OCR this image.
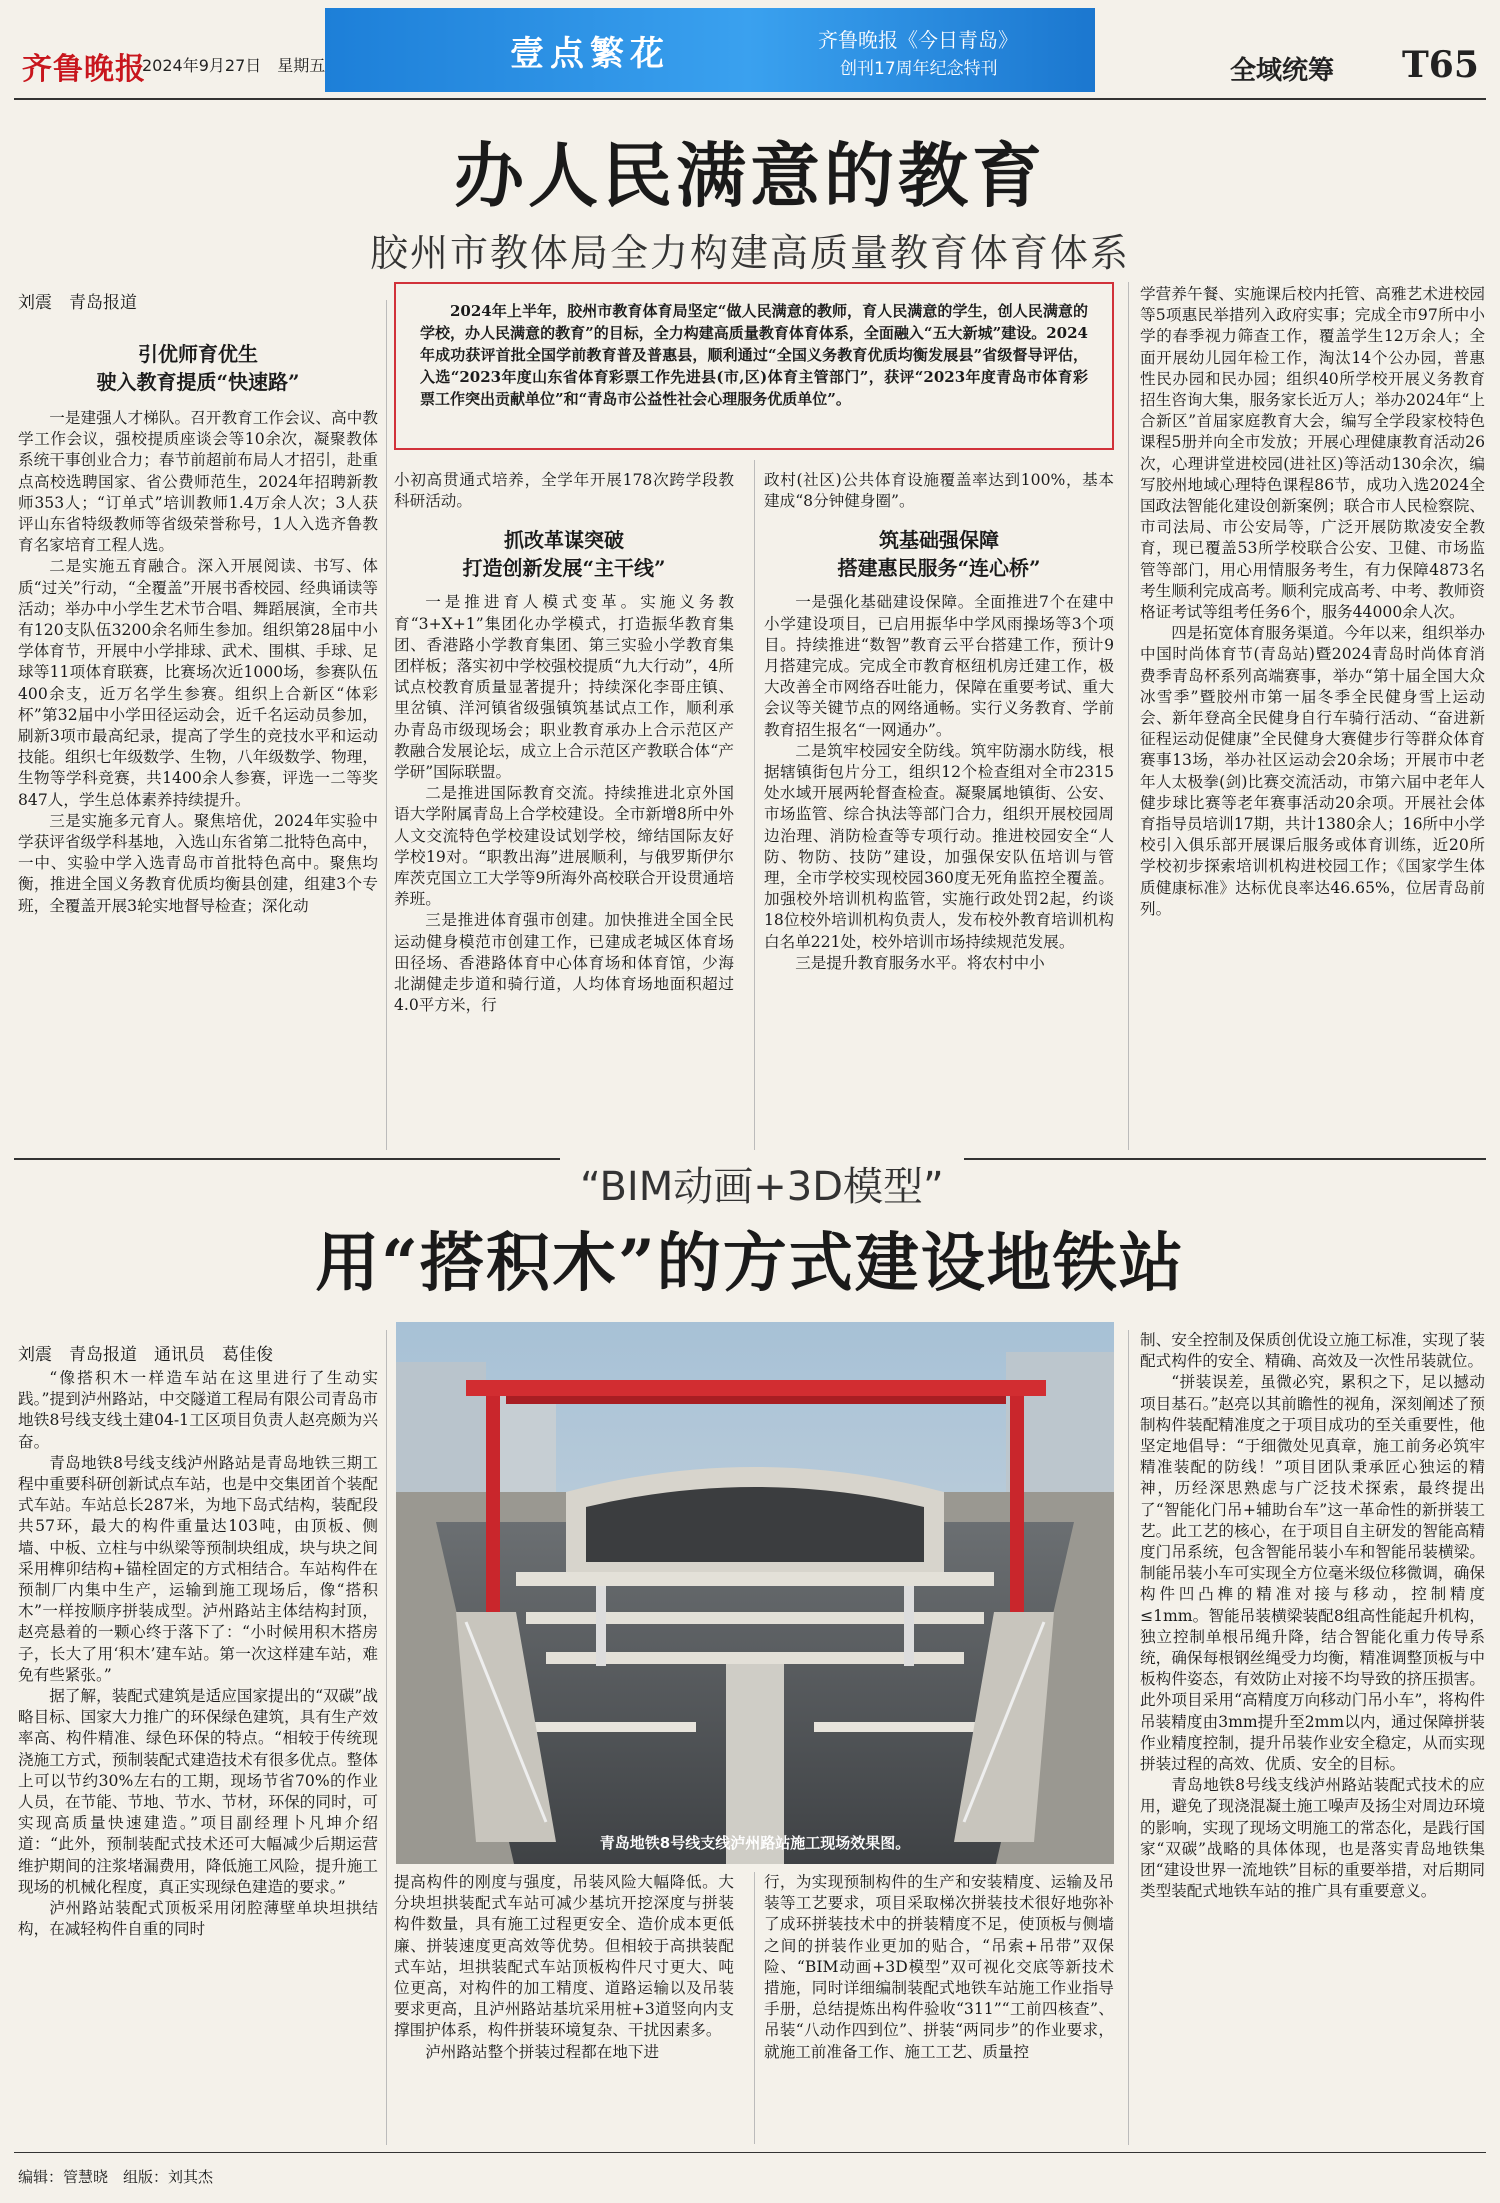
齐鲁晚报
2024年9月27日　星期五	壹点繁花	齐鲁晚报《今日青岛》
创刊17周年纪念特刊	全域统筹 T65
办人民满意的教育
胶州市教体局全力构建高质量教育体育体系
刘震　青岛报道	2024年上半年，胶州市教育体育局坚定“做人民满意的教师，育人民满意的学生，创人民满意的学校，办人民满意的教育”的目标，全力构建高质量教育体育体系，全面融入“五大新城”建设。2024年成功获评首批全国学前教育普及普惠县，顺利通过“全国义务教育优质均衡发展县”省级督导评估，入选“2023年度山东省体育彩票工作先进县(市,区)体育主管部门”，获评“2023年度青岛市体育彩票工作突出贡献单位”和“青岛市公益性社会心理服务优质单位”。

引优师育优生
驶入教育提质“快速路”

一是建强人才梯队。召开教育工作会议、高中教学工作会议，强校提质座谈会等10余次，凝聚教体系统干事创业合力；春节前超前布局人才招引，赴重点高校选聘国家、省公费师范生，2024年招聘新教师353人；“订单式”培训教师1.4万余人次；3人获评山东省特级教师等省级荣誉称号，1人入选齐鲁教育名家培育工程人选。

二是实施五育融合。深入开展阅读、书写、体质“过关”行动，“全覆盖”开展书香校园、经典诵读等活动；举办中小学生艺术节合唱、舞蹈展演，全市共有120支队伍3200余名师生参加。组织第28届中小学体育节，开展中小学排球、武术、围棋、手球、足球等11项体育联赛，比赛场次近1000场，参赛队伍400余支，近万名学生参赛。组织上合新区“体彩杯”第32届中小学田径运动会，近千名运动员参加，刷新3项市最高纪录，提高了学生的竞技水平和运动技能。组织七年级数学、生物，八年级数学、物理，生物等学科竞赛，共1400余人参赛，评选一二等奖847人，学生总体素养持续提升。

三是实施多元育人。聚焦培优，2024年实验中学获评省级学科基地，入选山东省第二批特色高中，一中、实验中学入选青岛市首批特色高中。聚焦均衡，推进全国义务教育优质均衡县创建，组建3个专班，全覆盖开展3轮实地督导检查；深化动

小初高贯通式培养，全学年开展178次跨学段教科研活动。

抓改革谋突破
打造创新发展“主干线”

一是推进育人模式变革。实施义务教育“3+X+1”集团化办学模式，打造振华教育集团、香港路小学教育集团、第三实验小学教育集团样板；落实初中学校强校提质“九大行动”，4所试点校教育质量显著提升；持续深化李哥庄镇、里岔镇、洋河镇省级强镇筑基试点工作，顺利承办青岛市级现场会；职业教育承办上合示范区产教融合发展论坛，成立上合示范区产教联合体“产学研”国际联盟。

二是推进国际教育交流。持续推进北京外国语大学附属青岛上合学校建设。全市新增8所中外人文交流特色学校建设试划学校，缔结国际友好学校19对。“职教出海”进展顺利，与俄罗斯伊尔库茨克国立工大学等9所海外高校联合开设贯通培养班。

三是推进体育强市创建。加快推进全国全民运动健身模范市创建工作，已建成老城区体育场田径场、香港路体育中心体育场和体育馆，少海北湖健走步道和骑行道，人均体育场地面积超过4.0平方米，行

政村(社区)公共体育设施覆盖率达到100%，基本建成“8分钟健身圈”。

筑基础强保障
搭建惠民服务“连心桥”

一是强化基础建设保障。全面推进7个在建中小学建设项目，已启用振华中学风雨操场等3个项目。持续推进“数智”教育云平台搭建工作，预计9月搭建完成。完成全市教育枢纽机房迁建工作，极大改善全市网络吞吐能力，保障在重要考试、重大会议等关键节点的网络通畅。实行义务教育、学前教育招生报名“一网通办”。

二是筑牢校园安全防线。筑牢防溺水防线，根据辖镇街包片分工，组织12个检查组对全市2315处水域开展两轮督查检查。凝聚属地镇街、公安、市场监管、综合执法等部门合力，组织开展校园周边治理、消防检查等专项行动。推进校园安全“人防、物防、技防”建设，加强保安队伍培训与管理，全市学校实现校园360度无死角监控全覆盖。加强校外培训机构监管，实施行政处罚2起，约谈18位校外培训机构负责人，发布校外教育培训机构白名单221处，校外培训市场持续规范发展。

三是提升教育服务水平。将农村中小

学营养午餐、实施课后校内托管、高雅艺术进校园等5项惠民举措列入政府实事；完成全市97所中小学的春季视力筛查工作，覆盖学生12万余人；全面开展幼儿园年检工作，淘汰14个公办园，普惠性民办园和民办园；组织40所学校开展义务教育招生咨询大集，服务家长近万人；举办2024年“上合新区”首届家庭教育大会，编写全学段家校特色课程5册并向全市发放；开展心理健康教育活动26次，心理讲堂进校园(进社区)等活动130余次，编写胶州地域心理特色课程86节，成功入选2024全国政法智能化建设创新案例；联合市人民检察院、市司法局、市公安局等，广泛开展防欺凌安全教育，现已覆盖53所学校联合公安、卫健、市场监管等部门，用心用情服务考生，有力保障4873名考生顺利完成高考。顺利完成高考、中考、教师资格证考试等组考任务6个，服务44000余人次。

四是拓宽体育服务渠道。今年以来，组织举办中国时尚体育节(青岛站)暨2024青岛时尚体育消费季青岛杯系列高端赛事，举办“第十届全国大众冰雪季”暨胶州市第一届冬季全民健身雪上运动会、新年登高全民健身自行车骑行活动、“奋进新征程运动促健康”全民健身大赛健步行等群众体育赛事13场，举办社区运动会20余场；开展市中老年人太极拳(剑)比赛交流活动，市第六届中老年人健步球比赛等老年赛事活动20余项。开展社会体育指导员培训17期，共计1380余人；16所中小学校引入俱乐部开展课后服务或体育训练，近20所学校初步探索培训机构进校园工作；《国家学生体质健康标准》达标优良率达46.65%，位居青岛前列。

“BIM动画+3D模型”
用“搭积木”的方式建设地铁站
刘震　青岛报道　通讯员　葛佳俊
青岛地铁8号线支线泸州路站施工现场效果图。

“像搭积木一样造车站在这里进行了生动实践。”提到泸州路站，中交隧道工程局有限公司青岛市地铁8号线支线土建04-1工区项目负责人赵亮颇为兴奋。

青岛地铁8号线支线泸州路站是青岛地铁三期工程中重要科研创新试点车站，也是中交集团首个装配式车站。车站总长287米，为地下岛式结构，装配段共57环，最大的构件重量达103吨，由顶板、侧墙、中板、立柱与中纵梁等预制块组成，块与块之间采用榫卯结构+锚栓固定的方式相结合。车站构件在预制厂内集中生产，运输到施工现场后，像“搭积木”一样按顺序拼装成型。泸州路站主体结构封顶，赵亮悬着的一颗心终于落下了：“小时候用积木搭房子，长大了用‘积木’建车站。第一次这样建车站，难免有些紧张。”

据了解，装配式建筑是适应国家提出的“双碳”战略目标、国家大力推广的环保绿色建筑，具有生产效率高、构件精准、绿色环保的特点。“相较于传统现浇施工方式，预制装配式建造技术有很多优点。整体上可以节约30%左右的工期，现场节省70%的作业人员，在节能、节地、节水、节材，环保的同时，可实现高质量快速建造。”项目副经理卜凡坤介绍道：“此外，预制装配式技术还可大幅减少后期运营维护期间的注浆堵漏费用，降低施工风险，提升施工现场的机械化程度，真正实现绿色建造的要求。”

泸州路站装配式顶板采用闭腔薄壁单块坦拱结构，在减轻构件自重的同时

提高构件的刚度与强度，吊装风险大幅降低。大分块坦拱装配式车站可减少基坑开挖深度与拼装构件数量，具有施工过程更安全、造价成本更低廉、拼装速度更高效等优势。但相较于高拱装配式车站，坦拱装配式车站顶板构件尺寸更大、吨位更高，对构件的加工精度、道路运输以及吊装要求更高，且泸州路站基坑采用桩+3道竖向内支撑围护体系，构件拼装环境复杂、干扰因素多。

泸州路站整个拼装过程都在地下进

行，为实现预制构件的生产和安装精度、运输及吊装等工艺要求，项目采取梯次拼装技术很好地弥补了成环拼装技术中的拼装精度不足，使顶板与侧墙之间的拼装作业更加的贴合，“吊索+吊带”双保险、“BIM动画+3D模型”双可视化交底等新技术措施，同时详细编制装配式地铁车站施工作业指导手册，总结提炼出构件验收“311”“工前四核查”、吊装“八动作四到位”、拼装“两同步”的作业要求，就施工前准备工作、施工工艺、质量控

制、安全控制及保质创优设立施工标准，实现了装配式构件的安全、精确、高效及一次性吊装就位。

“拼装误差，虽微必究，累积之下，足以撼动项目基石。”赵亮以其前瞻性的视角，深刻阐述了预制构件装配精准度之于项目成功的至关重要性，他坚定地倡导：“于细微处见真章，施工前务必筑牢精准装配的防线！”项目团队秉承匠心独运的精神，历经深思熟虑与广泛技术探索，最终提出了“智能化门吊+辅助台车”这一革命性的新拼装工艺。此工艺的核心，在于项目自主研发的智能高精度门吊系统，包含智能吊装小车和智能吊装横梁。制能吊装小车可实现全方位毫米级位移微调，确保构件凹凸榫的精准对接与移动，控制精度≤1mm。智能吊装横梁装配8组高性能起升机构，独立控制单根吊绳升降，结合智能化重力传导系统，确保每根钢丝绳受力均衡，精准调整顶板与中板构件姿态，有效防止对接不均导致的挤压损害。此外项目采用“高精度万向移动门吊小车”，将构件吊装精度由3mm提升至2mm以内，通过保障拼装作业精度控制，提升吊装作业安全稳定，从而实现拼装过程的高效、优质、安全的目标。

青岛地铁8号线支线泸州路站装配式技术的应用，避免了现浇混凝土施工噪声及扬尘对周边环境的影响，实现了现场文明施工的常态化，是践行国家“双碳”战略的具体体现，也是落实青岛地铁集团“建设世界一流地铁”目标的重要举措，对后期同类型装配式地铁车站的推广具有重要意义。

编辑：管慧晓　组版：刘其杰
